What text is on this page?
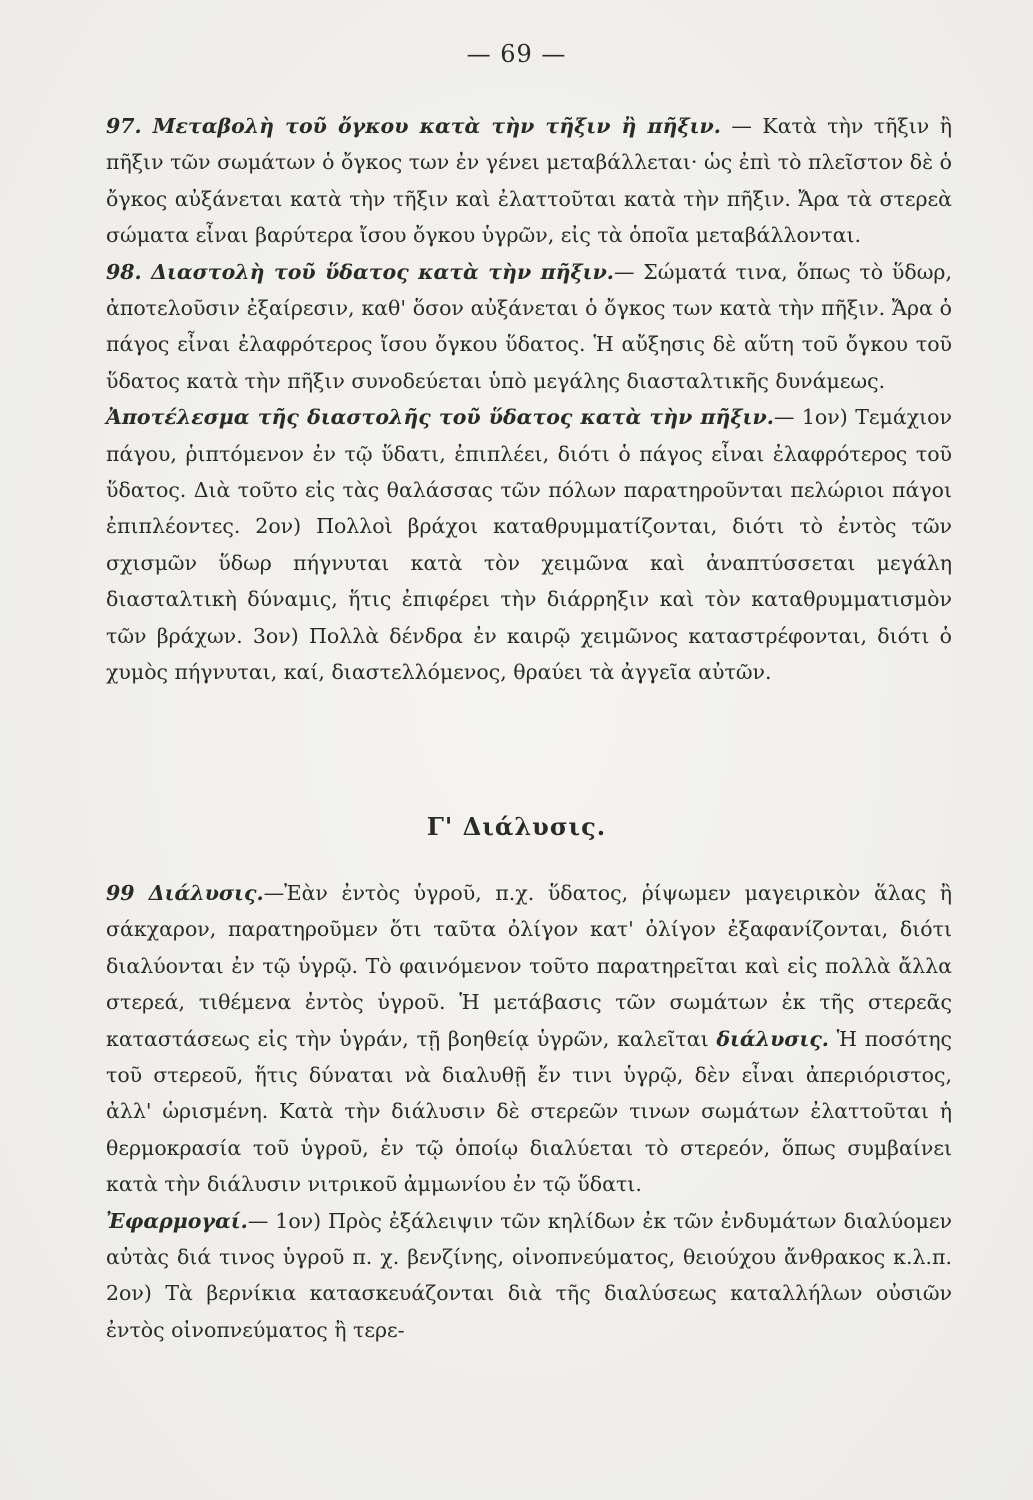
— 69 —

97. Μεταβολὴ τοῦ ὄγκου κατὰ τὴν τῆξιν ἢ πῆξιν. — Κατὰ τὴν τῆξιν ἢ πῆξιν τῶν σωμάτων ὁ ὄγκος των ἐν γένει μεταβάλλεται· ὡς ἐπὶ τὸ πλεῖστον δὲ ὁ ὄγκος αὐξάνεται κατὰ τὴν τῆξιν καὶ ἐλαττοῦται κατὰ τὴν πῆξιν. Ἄρα τὰ στερεὰ σώματα εἶναι βαρύτερα ἴσου ὄγκου ὑγρῶν, εἰς τὰ ὁποῖα μεταβάλλονται.

98. Διαστολὴ τοῦ ὕδατος κατὰ τὴν πῆξιν.— Σώματά τινα, ὅπως τὸ ὕδωρ, ἀποτελοῦσιν ἐξαίρεσιν, καθ' ὅσον αὐξάνεται ὁ ὄγκος των κατὰ τὴν πῆξιν. Ἄρα ὁ πάγος εἶναι ἐλαφρότερος ἴσου ὄγκου ὕδατος. Ἡ αὔξησις δὲ αὕτη τοῦ ὄγκου τοῦ ὕδατος κατὰ τὴν πῆξιν συνοδεύεται ὑπὸ μεγάλης διασταλτικῆς δυνάμεως.

Ἀποτέλεσμα τῆς διαστολῆς τοῦ ὕδατος κατὰ τὴν πῆξιν.— 1ον) Τεμάχιον πάγου, ῥιπτόμενον ἐν τῷ ὕδατι, ἐπιπλέει, διότι ὁ πάγος εἶναι ἐλαφρότερος τοῦ ὕδατος. Διὰ τοῦτο εἰς τὰς θαλάσσας τῶν πόλων παρατηροῦνται πελώριοι πάγοι ἐπιπλέοντες. 2ον) Πολλοὶ βράχοι καταθρυμματίζονται, διότι τὸ ἐντὸς τῶν σχισμῶν ὕδωρ πήγνυται κατὰ τὸν χειμῶνα καὶ ἀναπτύσσεται μεγάλη διασταλτικὴ δύναμις, ἥτις ἐπιφέρει τὴν διάρρηξιν καὶ τὸν καταθρυμματισμὸν τῶν βράχων. 3ον) Πολλὰ δένδρα ἐν καιρῷ χειμῶνος καταστρέφονται, διότι ὁ χυμὸς πήγνυται, καί, διαστελλόμενος, θραύει τὰ ἀγγεῖα αὐτῶν.

Γ' Διάλυσις.

99 Διάλυσις.—Ἐὰν ἐντὸς ὑγροῦ, π.χ. ὕδατος, ῥίψωμεν μαγειρικὸν ἅλας ἢ σάκχαρον, παρατηροῦμεν ὅτι ταῦτα ὀλίγον κατ' ὀλίγον ἐξαφανίζονται, διότι διαλύονται ἐν τῷ ὑγρῷ. Τὸ φαινόμενον τοῦτο παρατηρεῖται καὶ εἰς πολλὰ ἄλλα στερεά, τιθέμενα ἐντὸς ὑγροῦ. Ἡ μετάβασις τῶν σωμάτων ἐκ τῆς στερεᾶς καταστάσεως εἰς τὴν ὑγράν, τῇ βοηθείᾳ ὑγρῶν, καλεῖται διάλυσις. Ἡ ποσότης τοῦ στερεοῦ, ἥτις δύναται νὰ διαλυθῇ ἔν τινι ὑγρῷ, δὲν εἶναι ἀπεριόριστος, ἀλλ' ὡρισμένη. Κατὰ τὴν διάλυσιν δὲ στερεῶν τινων σωμάτων ἐλαττοῦται ἡ θερμοκρασία τοῦ ὑγροῦ, ἐν τῷ ὁποίῳ διαλύεται τὸ στερεόν, ὅπως συμβαίνει κατὰ τὴν διάλυσιν νιτρικοῦ ἀμμωνίου ἐν τῷ ὕδατι.

Ἐφαρμογαί.— 1ον) Πρὸς ἐξάλειψιν τῶν κηλίδων ἐκ τῶν ἐνδυμάτων διαλύομεν αὐτὰς διά τινος ὑγροῦ π. χ. βενζίνης, οἰνοπνεύματος, θειούχου ἄνθρακος κ.λ.π. 2ον) Τὰ βερνίκια κατασκευάζονται διὰ τῆς διαλύσεως καταλλήλων οὐσιῶν ἐντὸς οἰνοπνεύματος ἢ τερε-
